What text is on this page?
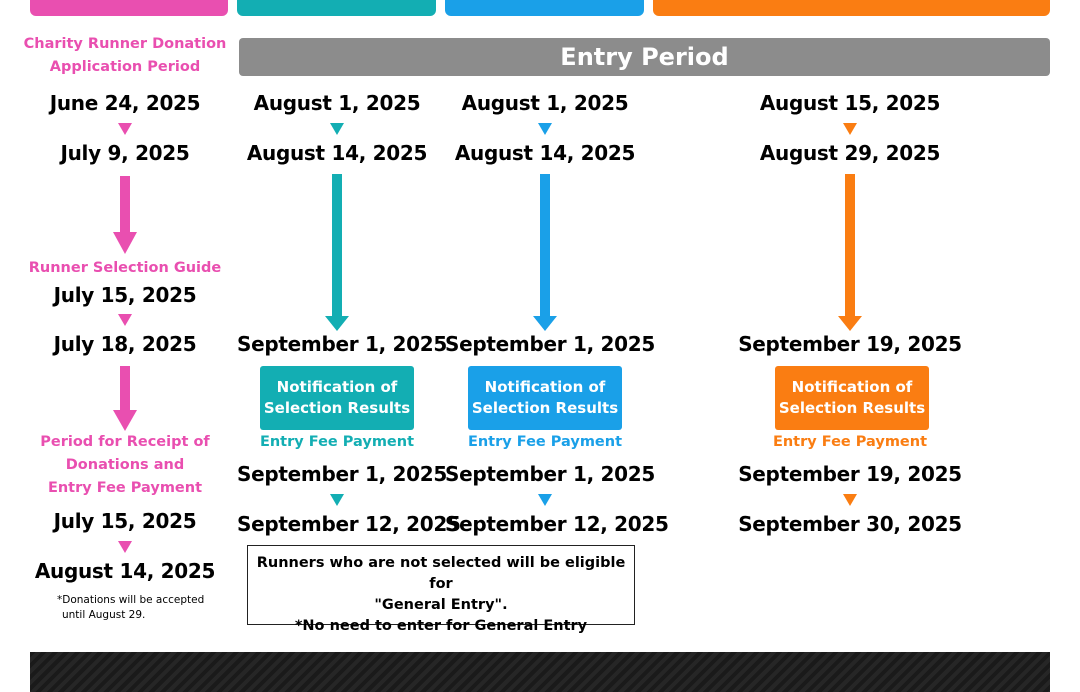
Entry Period
Charity Runner Donation
Application Period
June 24, 2025
July 9, 2025
Runner Selection Guide
July 15, 2025
July 18, 2025
Period for Receipt of
Donations and
Entry Fee Payment
July 15, 2025
August 14, 2025
*Donations will be accepted
until August 29.
August 1, 2025
August 14, 2025
September 1, 2025
Notification of
Selection Results
Entry Fee Payment
September 1, 2025
September 12, 2025
August 1, 2025
August 14, 2025
September 1, 2025
Notification of
Selection Results
Entry Fee Payment
September 1, 2025
September 12, 2025
August 15, 2025
August 29, 2025
September 19, 2025
Notification of
Selection Results
Entry Fee Payment
September 19, 2025
September 30, 2025
Runners who are not selected will be eligible for
"General Entry".
*No need to enter for General Entry
